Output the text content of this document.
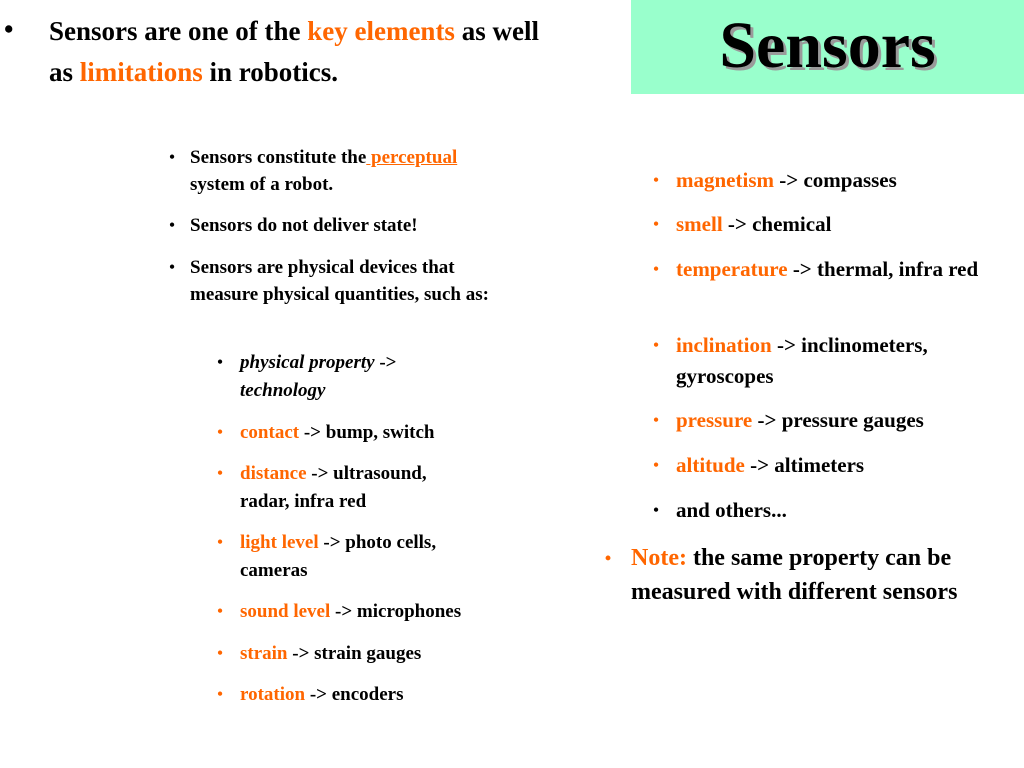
Sensors
•	Sensors are one of the key elements as well as limitations in robotics.
• Sensors constitute the perceptual
system of a robot.
• Sensors do not deliver state!
• Sensors are physical devices that measure physical quantities, such as:
• physical property ->
technology
• contact -> bump, switch
• distance -> ultrasound, radar, infra red
• light level -> photo cells, cameras
• sound level -> microphones
• strain -> strain gauges
• rotation -> encoders
• magnetism -> compasses
• smell -> chemical
• temperature -> thermal, infra red
• inclination -> inclinometers, gyroscopes
• pressure -> pressure gauges
• altitude -> altimeters
• and others...
• Note: the same property can be measured with different sensors
